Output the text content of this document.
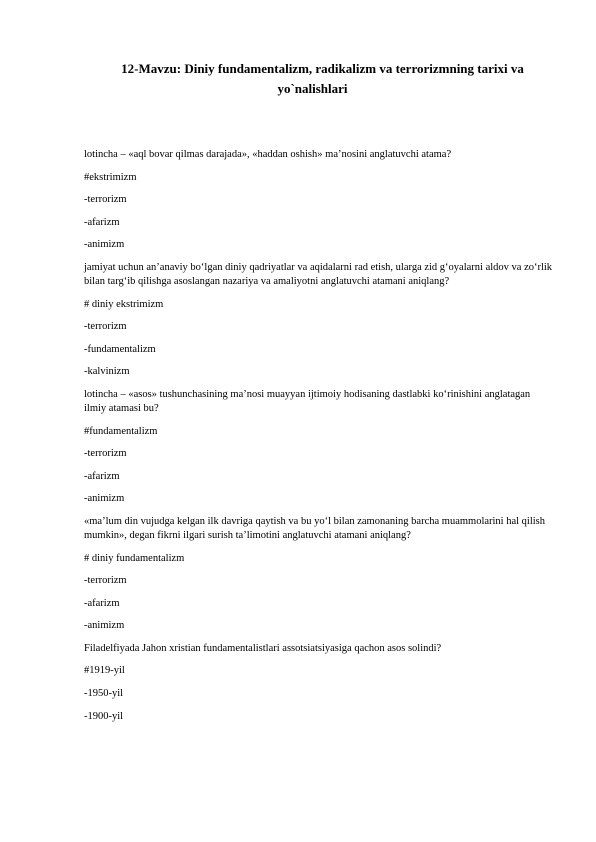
12-Mavzu: Diniy fundamentalizm, radikalizm va terrorizmning tarixi va yo`nalishlari
lotincha – «aql bovar qilmas darajada», «haddan oshish» ma’nosini anglatuvchi atama?
#ekstrimizm
-terrorizm
-afarizm
-animizm
jamiyat uchun an’anaviy bo‘lgan diniy qadriyatlar va aqidalarni rad etish, ularga zid g‘oyalarni aldov va zo‘rlik bilan targ‘ib qilishga asoslangan nazariya va amaliyotni anglatuvchi atamani aniqlang?
# diniy ekstrimizm
-terrorizm
-fundamentalizm
-kalvinizm
lotincha – «asos» tushunchasining ma’nosi muayyan ijtimoiy hodisaning dastlabki ko‘rinishini anglatagan ilmiy atamasi bu?
#fundamentalizm
-terrorizm
-afarizm
-animizm
«ma’lum din vujudga kelgan ilk davriga qaytish va bu yo‘l bilan zamonaning barcha muammolarini hal qilish mumkin», degan fikrni ilgari surish ta’limotini anglatuvchi atamani aniqlang?
# diniy fundamentalizm
-terrorizm
-afarizm
-animizm
Filadelfiyada Jahon xristian fundamentalistlari assotsiatsiyasiga qachon asos solindi?
#1919-yil
-1950-yil
-1900-yil
